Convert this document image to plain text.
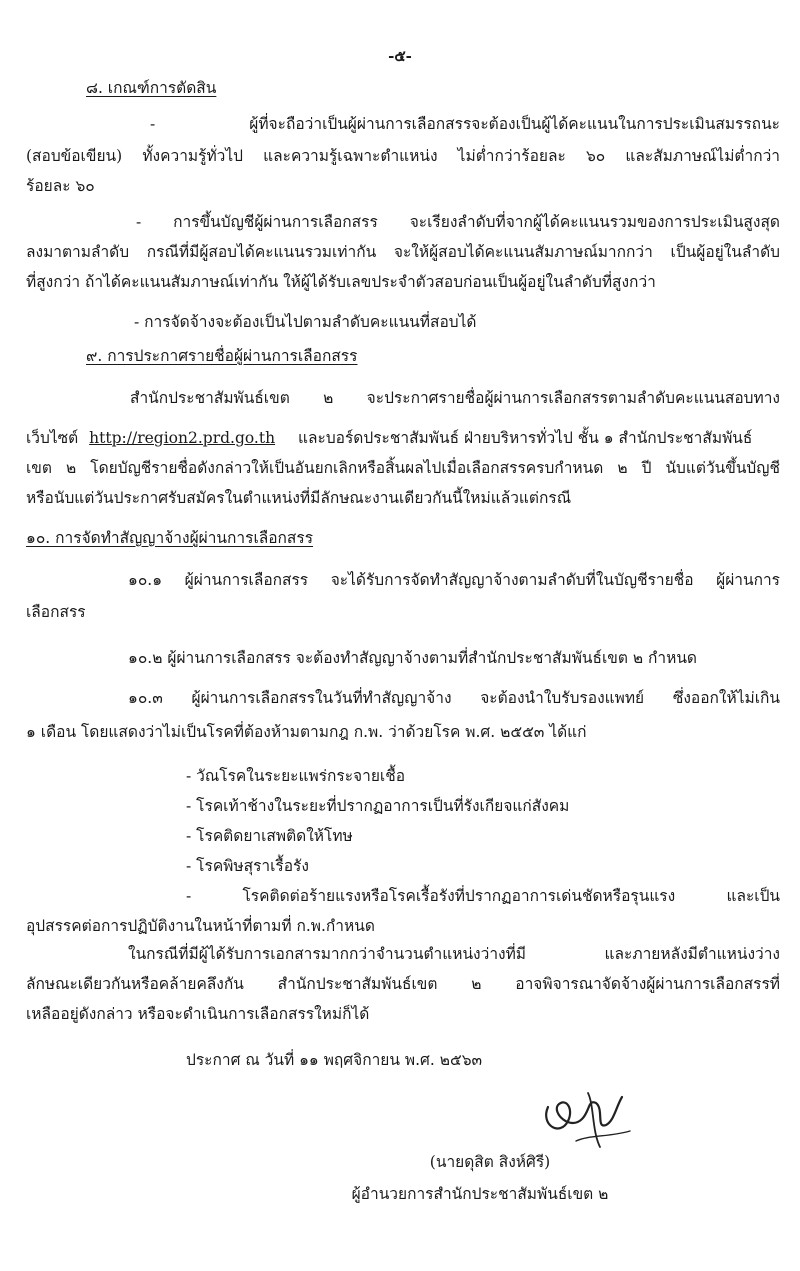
-๕-
๘. เกณฑ์การตัดสิน
- ผู้ที่จะถือว่าเป็นผู้ผ่านการเลือกสรรจะต้องเป็นผู้ได้คะแนนในการประเมินสมรรถนะ
(สอบข้อเขียน) ทั้งความรู้ทั่วไป และความรู้เฉพาะตำแหน่ง ไม่ต่ำกว่าร้อยละ ๖๐ และสัมภาษณ์ไม่ต่ำกว่า
ร้อยละ ๖๐
- การขึ้นบัญชีผู้ผ่านการเลือกสรร จะเรียงลำดับที่จากผู้ได้คะแนนรวมของการประเมินสูงสุด
ลงมาตามลำดับ กรณีที่มีผู้สอบได้คะแนนรวมเท่ากัน จะให้ผู้สอบได้คะแนนสัมภาษณ์มากกว่า เป็นผู้อยู่ในลำดับ
ที่สูงกว่า ถ้าได้คะแนนสัมภาษณ์เท่ากัน ให้ผู้ได้รับเลขประจำตัวสอบก่อนเป็นผู้อยู่ในลำดับที่สูงกว่า
- การจัดจ้างจะต้องเป็นไปตามลำดับคะแนนที่สอบได้
๙. การประกาศรายชื่อผู้ผ่านการเลือกสรร
สำนักประชาสัมพันธ์เขต ๒ จะประกาศรายชื่อผู้ผ่านการเลือกสรรตามลำดับคะแนนสอบทาง
เว็บไซต์ http://region2.prd.go.th และบอร์ดประชาสัมพันธ์ ฝ่ายบริหารทั่วไป ชั้น ๑ สำนักประชาสัมพันธ์
เขต ๒ โดยบัญชีรายชื่อดังกล่าวให้เป็นอันยกเลิกหรือสิ้นผลไปเมื่อเลือกสรรครบกำหนด ๒ ปี นับแต่วันขึ้นบัญชี
หรือนับแต่วันประกาศรับสมัครในตำแหน่งที่มีลักษณะงานเดียวกันนี้ใหม่แล้วแต่กรณี
๑๐. การจัดทำสัญญาจ้างผู้ผ่านการเลือกสรร
๑๐.๑ ผู้ผ่านการเลือกสรร จะได้รับการจัดทำสัญญาจ้างตามลำดับที่ในบัญชีรายชื่อ ผู้ผ่านการ
เลือกสรร
๑๐.๒ ผู้ผ่านการเลือกสรร จะต้องทำสัญญาจ้างตามที่สำนักประชาสัมพันธ์เขต ๒ กำหนด
๑๐.๓ ผู้ผ่านการเลือกสรรในวันที่ทำสัญญาจ้าง จะต้องนำใบรับรองแพทย์ ซึ่งออกให้ไม่เกิน
๑ เดือน โดยแสดงว่าไม่เป็นโรคที่ต้องห้ามตามกฎ ก.พ. ว่าด้วยโรค พ.ศ. ๒๕๕๓ ได้แก่
- วัณโรคในระยะแพร่กระจายเชื้อ
- โรคเท้าช้างในระยะที่ปรากฏอาการเป็นที่รังเกียจแก่สังคม
- โรคติดยาเสพติดให้โทษ
- โรคพิษสุราเรื้อรัง
- โรคติดต่อร้ายแรงหรือโรคเรื้อรังที่ปรากฏอาการเด่นชัดหรือรุนแรง และเป็น
อุปสรรคต่อการปฏิบัติงานในหน้าที่ตามที่ ก.พ.กำหนด
ในกรณีที่มีผู้ได้รับการเอกสารมากกว่าจำนวนตำแหน่งว่างที่มี และภายหลังมีตำแหน่งว่าง
ลักษณะเดียวกันหรือคล้ายคลึงกัน สำนักประชาสัมพันธ์เขต ๒ อาจพิจารณาจัดจ้างผู้ผ่านการเลือกสรรที่
เหลืออยู่ดังกล่าว หรือจะดำเนินการเลือกสรรใหม่ก็ได้
ประกาศ ณ วันที่ ๑๑ พฤศจิกายน พ.ศ. ๒๕๖๓
(นายดุสิต สิงห์ศิรี)
ผู้อำนวยการสำนักประชาสัมพันธ์เขต ๒
